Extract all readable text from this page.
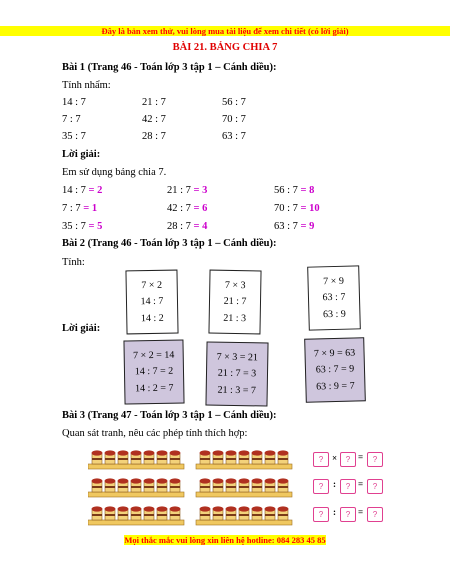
Đây là bản xem thử, vui lòng mua tài liệu để xem chi tiết (có lời giải)
BÀI 21. BẢNG CHIA 7
Bài 1 (Trang 46 - Toán lớp 3 tập 1 – Cánh diều):
Tính nhẩm:
14 : 7	21 : 7	56 : 7
7 : 7	42 : 7	70 : 7
35 : 7	28 : 7	63 : 7
Lời giải:
Em sử dụng bảng chia 7.
14 : 7 = 2	21 : 7 = 3	56 : 7 = 8
7 : 7 = 1	42 : 7 = 6	70 : 7 = 10
35 : 7 = 5	28 : 7 = 4	63 : 7 = 9
Bài 2 (Trang 46 - Toán lớp 3 tập 1 – Cánh diều):
Tính:
7 × 2
14 : 7
14 : 2
7 × 3
21 : 7
21 : 3
7 × 9
63 : 7
63 : 9
Lời giải:
7 × 2 = 14
14 : 7 = 2
14 : 2 = 7
7 × 3 = 21
21 : 7 = 3
21 : 3 = 7
7 × 9 = 63
63 : 7 = 9
63 : 9 = 7
Bài 3 (Trang 47 - Toán lớp 3 tập 1 – Cánh diều):
Quan sát tranh, nêu các phép tính thích hợp:
? ×	? =	?
?	:	? =	?
?	:	? =	?
Mọi thắc mắc vui lòng xin liên hệ hotline: 084 283 45 85
